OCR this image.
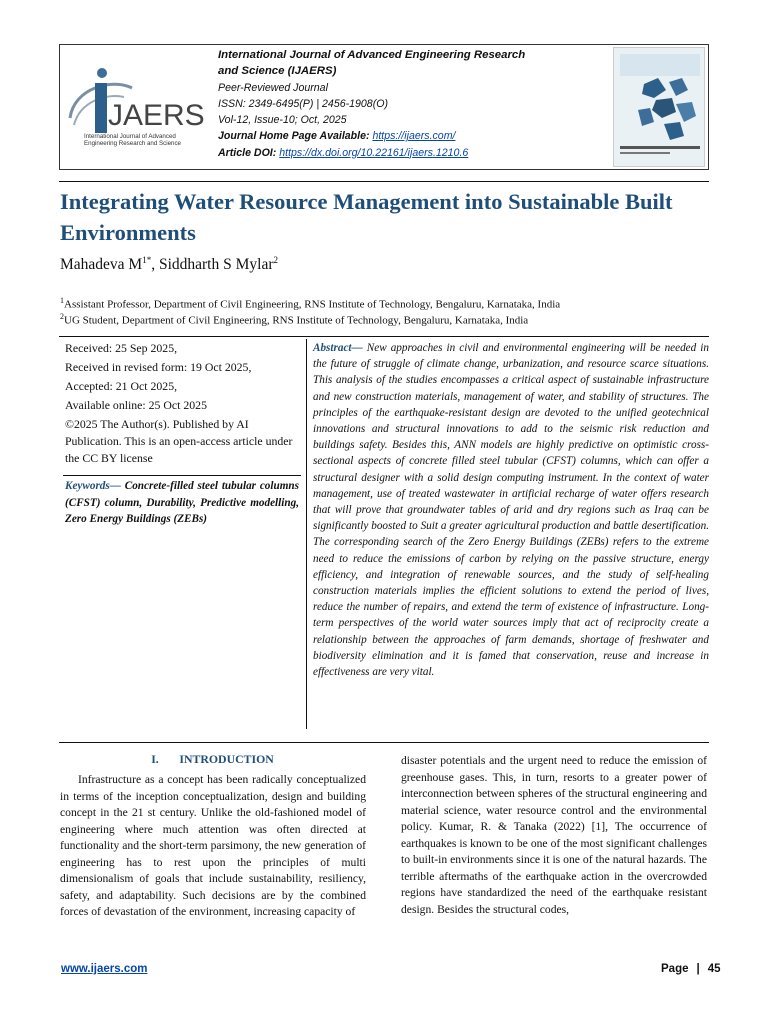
JAERS
International Journal of Advanced
Engineering Research and Science
International Journal of Advanced Engineering Research and Science (IJAERS)
Peer-Reviewed Journal
ISSN: 2349-6495(P) | 2456-1908(O)
Vol-12, Issue-10; Oct, 2025
Journal Home Page Available: https://ijaers.com/
Article DOI: https://dx.doi.org/10.22161/ijaers.1210.6
Integrating Water Resource Management into Sustainable Built Environments
Mahadeva $M^{1*}$, Siddharth S Mylar$^2$
$^1$Assistant Professor, Department of Civil Engineering, RNS Institute of Technology, Bengaluru, Karnataka, India
$^2$UG Student, Department of Civil Engineering, RNS Institute of Technology, Bengaluru, Karnataka, India

Received: 25 Sep 2025,

Received in revised form: 19 Oct 2025,

Accepted: 21 Oct 2025,

Available online: 25 Oct 2025

©2025 The Author(s). Published by AI Publication. This is an open-access article under the CC BY license

Keywords— Concrete-filled steel tubular columns (CFST) column, Durability, Predictive modelling, Zero Energy Buildings (ZEBs)

Abstract— New approaches in civil and environmental engineering will be needed in the future of struggle of climate change, urbanization, and resource scarce situations. This analysis of the studies encompasses a critical aspect of sustainable infrastructure and new construction materials, management of water, and stability of structures. The principles of the earthquake-resistant design are devoted to the unified geotechnical innovations and structural innovations to add to the seismic risk reduction and buildings safety. Besides this, ANN models are highly predictive on optimistic cross-sectional aspects of concrete filled steel tubular (CFST) columns, which can offer a structural designer with a solid design computing instrument. In the context of water management, use of treated wastewater in artificial recharge of water offers research that will prove that groundwater tables of arid and dry regions such as Iraq can be significantly boosted to Suit a greater agricultural production and battle desertification. The corresponding search of the Zero Energy Buildings (ZEBs) refers to the extreme need to reduce the emissions of carbon by relying on the passive structure, energy efficiency, and integration of renewable sources, and the study of self-healing construction materials implies the efficient solutions to extend the period of lives, reduce the number of repairs, and extend the term of existence of infrastructure. Long-term perspectives of the world water sources imply that act of reciprocity create a relationship between the approaches of farm demands, shortage of freshwater and biodiversity elimination and it is famed that conservation, reuse and increase in effectiveness are very vital.

I.       INTRODUCTION

Infrastructure as a concept has been radically conceptualized in terms of the inception conceptualization, design and building concept in the 21 st century. Unlike the old-fashioned model of engineering where much attention was often directed at functionality and the short-term parsimony, the new generation of engineering has to rest upon the principles of multi dimensionalism of goals that include sustainability, resiliency, safety, and adaptability. Such decisions are by the combined forces of devastation of the environment, increasing capacity of

disaster potentials and the urgent need to reduce the emission of greenhouse gases. This, in turn, resorts to a greater power of interconnection between spheres of the structural engineering and material science, water resource control and the environmental policy. Kumar, R. & Tanaka (2022) [1], The occurrence of earthquakes is known to be one of the most significant challenges to built-in environments since it is one of the natural hazards. The terrible aftermaths of the earthquake action in the overcrowded regions have standardized the need of the earthquake resistant design. Besides the structural codes,

www.ijaers.com	Page | 45
